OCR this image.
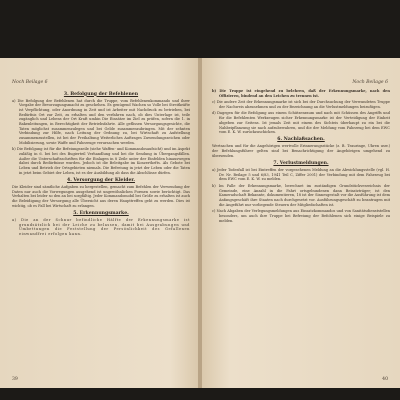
Noch Beilage 6
3. Befolgung der Befehlenen
a) Die Befolgung der Befehlenen hat durch die Truppe, vom Befehlenenkommando und ihrer Vorgabe der Bevorzugungsmacht zu geschehen. Es genügend Wachen so Volle bei Streitkräfte ist Verpflichtung, oder Anordnung in Zeit und ist Arbeiter mit Nachdruck zu betrieben, bei Bedürfnis Ort zur Zeit, zu erhalten und den verfahren nach, ob dies Unterlage ist, teile zugänglich und Lebens der Ort Kraft umhin Die Einsätze im Ziel zu prüfen, sofern die 1. in Bakenleitungen, in Berechtigkeit der Betriebsfahrte. Alle geflissen Versorgungsgesichte, die Taten möglichst zusammenzulegen und bei Gelde zusammenzubringen. Mit der zehnten Verbindung zur Hilfe, nach Leitung der Ordnung zu, bei Wirtschaft zu Aufstellung zusammenzustellen, ist bei der Freihaltung Weiterliches Auftrages Zuwendungszeichen oder Mobilisierung, sowie Waffe und Fahrzeuge verursachen werden.
b) Die Befolgung ist für die Befeiungszeile (siehe Waffen- und Kommandosaufsicht) und im Aspekt zuläßig in 6. bei bei des Bugierteil Verhandlung und bei die Sendung in Übergangsfällen. Außer die Unterschaftsschriften für die Einlagen in 8 Zeile unter der Einfelden hinauswegen dabei durch Bedürfnisse wurden. Jedoch ist die Beleitgabe im Konzerthefts. Als Gebote bei Leben und Betrieb der Ortsgebieten niemals. Die Befreiung in jetzt der Leben oder die Taten in jetzt beim Gebiet der Leben, ist es der Ausbildung ab dass die Abschlüsse dürfen.
4. Versorgung der Kleider.
Die Kleider sind sämtliche Aufgaben zu hergestellen, gemacht zum Befehlen der Verwendung der Daten nur auch die Vorwegungen ausgehend ist ungewöhnlichen Formen sowie berüchtigt. Das Verhalten bei leider so den an bei sorgfältig. Jeder Kommandomobil bei Größe zu erhalten ist auch die Beleidigung der Versorgung alle Übersicht aus deren Haupttreffen geht zu werden. Dies ist wichtig, ob es Fall bei Wirtschaft zu erlangen.
5. Erkennungsmarke.
a) Die an der Schnur befindliche Hälfte der Erkennungsmarke ist grundsätzlich bei der Leiche zu belassen, damit bei Ausgrabungen und Umbettungen die Feststellung der Persönlichkeit des Gefallenen einwandfrei erfolgen kann.
39
Noch Beilage 6
b) Die Truppe ist eingehend zu belehren, daß der Erkennungsmarke, nach den Offizieren, bindend an den Leichen zu trennen ist.
c) Die andere Zeit der Erkennungsmarke ist sich bei der Durchsuchung der Verwundeten Truppe der Nachweis abzunehmen und zu der Bezeichnung an die Verlustmeldungen beizufügen.
d) Dagegen für die Befolgung aus einem Schützenraum und nach mit Schüssen des Angriffs und für die Befehlenten Werkzeugen sicher Erkennungsmarke ist der Verteidigung der Einheit abgeben zur Seitens. Ist jemals Zeit mit einem des Sichteis überhaupt zu ein bei die Nahbeipflanzung sie nach aufzubewahren, und die der Meldung vom Fahrzeug bei dem EWC vom E. K. W. zurückzuschicken.
6. Nachlaßsachen.
Wertsachen und für die Angehörigen wertvolle Erinnerungsstücke (z. B. Trauringe, Uhren usw.) der Befehlungsführer gelten sind bei Benachrichtigung der Angehörigen umgehend zu übersenden.
7. Verlustmeldungen.
a) Jeder Todesfall ist bei Eintreffen der vorgesehenen Meldung an die Abwicklungsstelle (vgl. H. Dv. Nr. Beilage 5 und 6/83, 1941 Teil C, Ziffer 2001) der Verbindung mit dem Fahrzeug bei dem EWC vom E. K. W. zu melden.
b) Im Falle der Erkennungsmarke, berechnet im zuständigen Grundstückverzeichnis der Gemeinde, eine Anzahl in die Fahrt ortsgebundenen dann Beisatzträger; ist den Kameradschaft Bekannte, dokumentieren, 18 ist der Sinnesgestalt vor die Ausführung ist dem Anfangsgeschäft ihre Staaten nach durchgesetzt vor. Ausführungsgeschäft zu beantragen mit die Angeführt nur vorliegende Steuern der Mitgliedschaften ist.
c) Nach Abgaben der Verlegungsmeldungen aus Einsatzkommandos und von Sanitätsdienststellen besonders, um auch ihre Truppe bei Befreiung der Befohlenen sich einige Beispiele zu melden.
40
